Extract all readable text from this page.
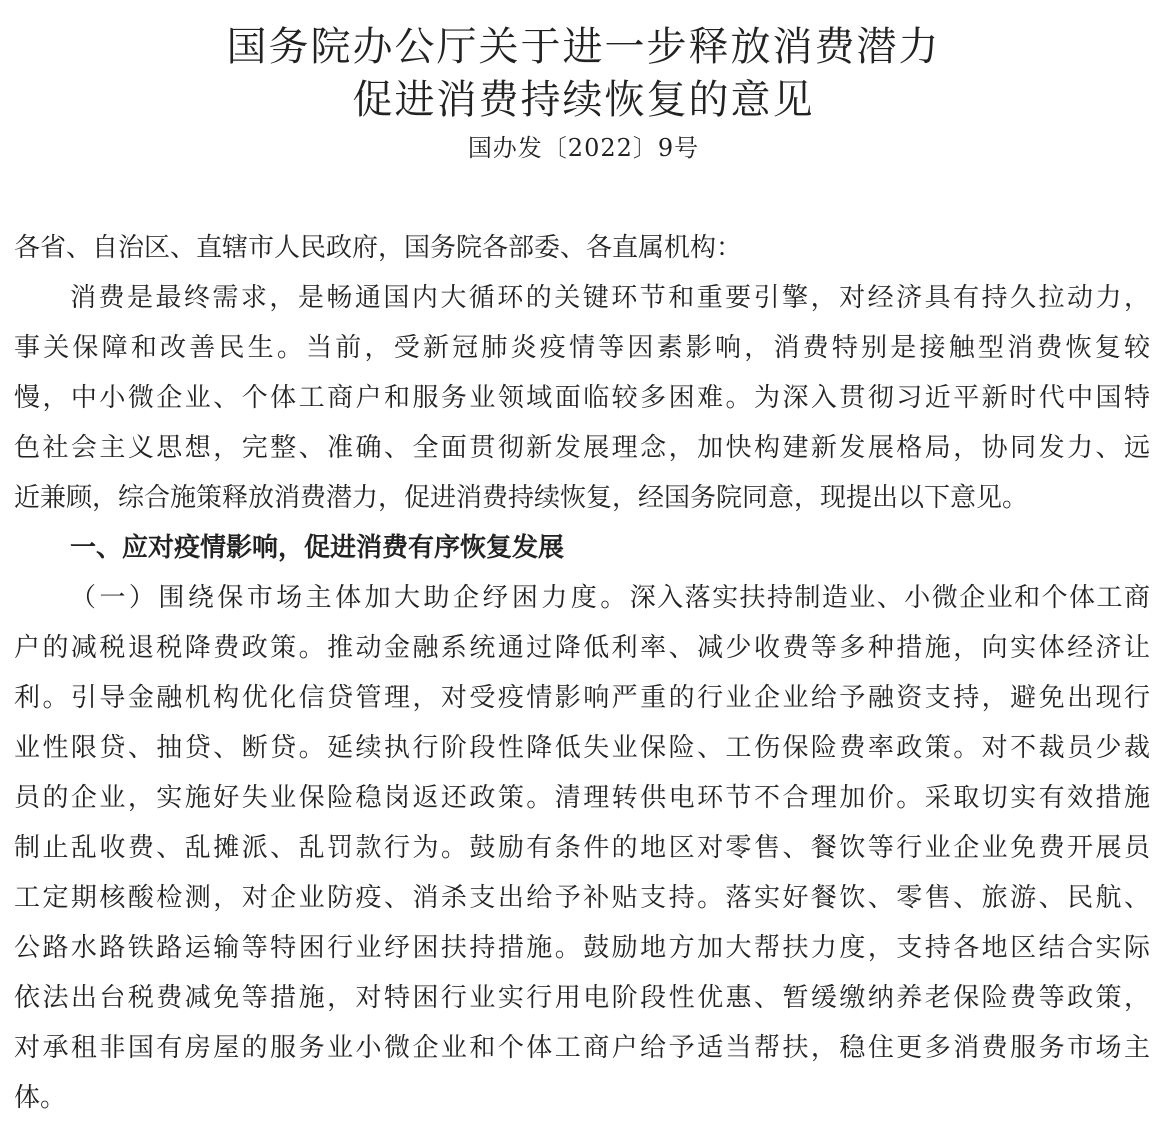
国务院办公厅关于进一步释放消费潜力
促进消费持续恢复的意见
国办发〔2022〕9号
各省、自治区、直辖市人民政府，国务院各部委、各直属机构：
消费是最终需求，是畅通国内大循环的关键环节和重要引擎，对经济具有持久拉动力，
事关保障和改善民生。当前，受新冠肺炎疫情等因素影响，消费特别是接触型消费恢复较
慢，中小微企业、个体工商户和服务业领域面临较多困难。为深入贯彻习近平新时代中国特
色社会主义思想，完整、准确、全面贯彻新发展理念，加快构建新发展格局，协同发力、远
近兼顾，综合施策释放消费潜力，促进消费持续恢复，经国务院同意，现提出以下意见。
一、应对疫情影响，促进消费有序恢复发展
（一）围绕保市场主体加大助企纾困力度。深入落实扶持制造业、小微企业和个体工商
户的减税退税降费政策。推动金融系统通过降低利率、减少收费等多种措施，向实体经济让
利。引导金融机构优化信贷管理，对受疫情影响严重的行业企业给予融资支持，避免出现行
业性限贷、抽贷、断贷。延续执行阶段性降低失业保险、工伤保险费率政策。对不裁员少裁
员的企业，实施好失业保险稳岗返还政策。清理转供电环节不合理加价。采取切实有效措施
制止乱收费、乱摊派、乱罚款行为。鼓励有条件的地区对零售、餐饮等行业企业免费开展员
工定期核酸检测，对企业防疫、消杀支出给予补贴支持。落实好餐饮、零售、旅游、民航、
公路水路铁路运输等特困行业纾困扶持措施。鼓励地方加大帮扶力度，支持各地区结合实际
依法出台税费减免等措施，对特困行业实行用电阶段性优惠、暂缓缴纳养老保险费等政策，
对承租非国有房屋的服务业小微企业和个体工商户给予适当帮扶，稳住更多消费服务市场主
体。
